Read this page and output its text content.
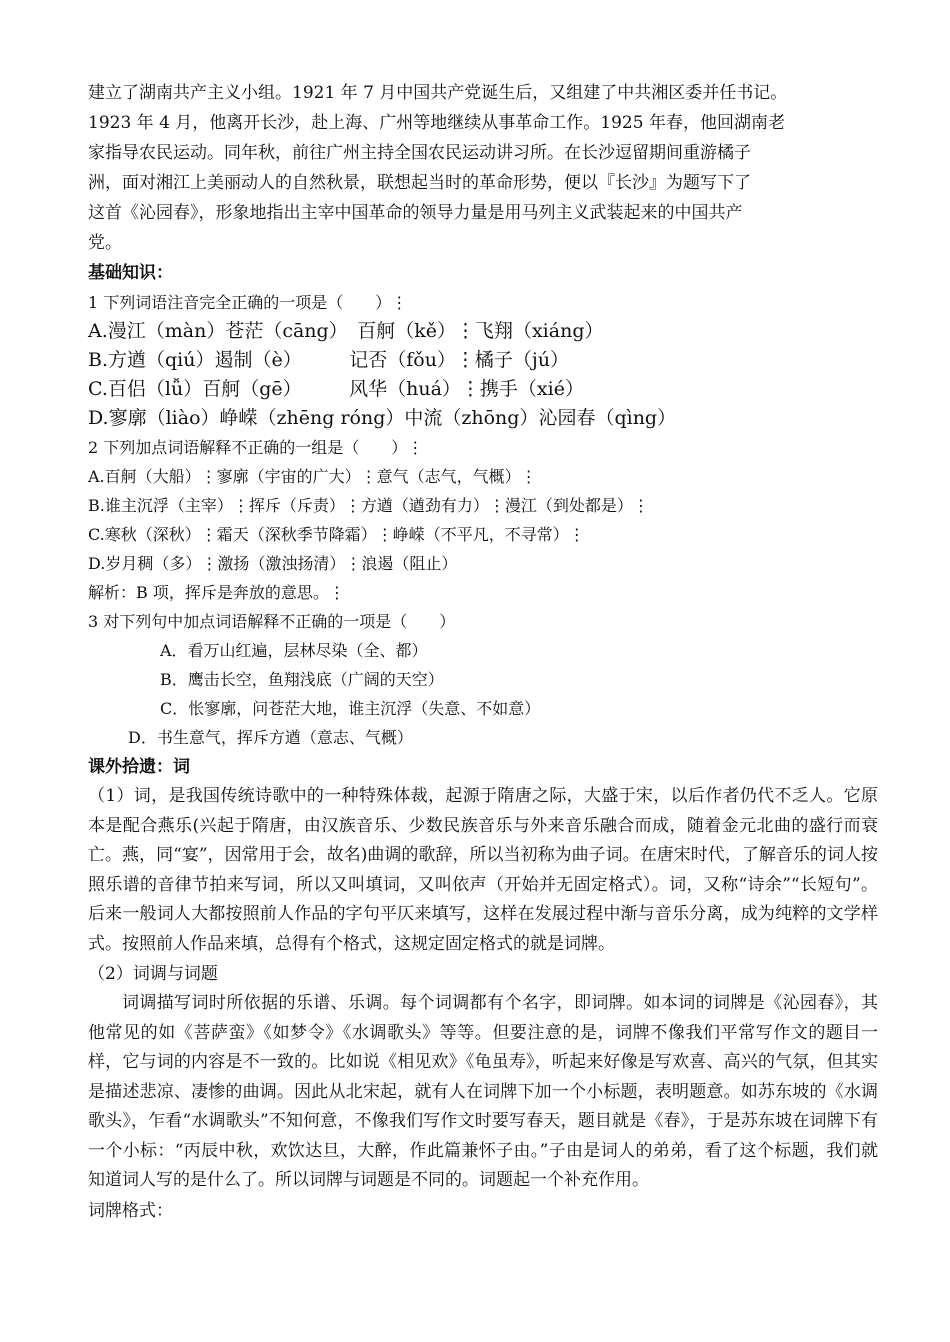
建立了湖南共产主义小组。1921 年 7 月中国共产党诞生后，又组建了中共湘区委并任书记。

1923 年 4 月，他离开长沙，赴上海、广州等地继续从事革命工作。1925 年春，他回湖南老

家指导农民运动。同年秋，前往广州主持全国农民运动讲习所。在长沙逗留期间重游橘子

洲，面对湘江上美丽动人的自然秋景，联想起当时的革命形势，便以『长沙』为题写下了

这首《沁园春》，形象地指出主宰中国革命的领导力量是用马列主义武装起来的中国共产

党。

基础知识：

1 下列词语注音完全正确的一项是（　　）⋮

A.漫江（màn）苍茫（cāng）　百舸（kě）⋮飞翔（xiáng）

B.方遒（qiú）遏制（è）　　　记否（fǒu）⋮橘子（jú）

C.百侣（lǚ）百舸（gē）　　　风华（huá）⋮携手（xié）

D.寥廓（liào）峥嵘（zhēng róng）中流（zhōng）沁园春（qìng）

2 下列加点词语解释不正确的一组是（　　）⋮

A.百舸（大船）⋮寥廓（宇宙的广大）⋮意气（志气，气概）⋮

B.谁主沉浮（主宰）⋮挥斥（斥责）⋮方遒（遒劲有力）⋮漫江（到处都是）⋮

C.寒秋（深秋）⋮霜天（深秋季节降霜）⋮峥嵘（不平凡，不寻常）⋮

D.岁月稠（多）⋮激扬（激浊扬清）⋮浪遏（阻止）

解析：B 项，挥斥是奔放的意思。⋮

3 对下列句中加点词语解释不正确的一项是（　　）

A．看万山红遍，层林尽染（全、都）

B．鹰击长空，鱼翔浅底（广阔的天空）

C．怅寥廓，问苍茫大地，谁主沉浮（失意、不如意）

D．书生意气，挥斥方遒（意志、气概）

课外拾遗：词

（1）词，是我国传统诗歌中的一种特殊体裁，起源于隋唐之际，大盛于宋，以后作者仍代不乏人。它原本是配合燕乐(兴起于隋唐，由汉族音乐、少数民族音乐与外来音乐融合而成，随着金元北曲的盛行而衰亡。燕，同“宴”，因常用于会，故名)曲调的歌辞，所以当初称为曲子词。在唐宋时代，了解音乐的词人按照乐谱的音律节拍来写词，所以又叫填词，又叫依声（开始并无固定格式）。词，又称“诗余”“长短句”。后来一般词人大都按照前人作品的字句平仄来填写，这样在发展过程中渐与音乐分离，成为纯粹的文学样式。按照前人作品来填，总得有个格式，这规定固定格式的就是词牌。

（2）词调与词题

词调描写词时所依据的乐谱、乐调。每个词调都有个名字，即词牌。如本词的词牌是《沁园春》，其他常见的如《菩萨蛮》《如梦令》《水调歌头》等等。但要注意的是，词牌不像我们平常写作文的题目一样，它与词的内容是不一致的。比如说《相见欢》《龟虽寿》，听起来好像是写欢喜、高兴的气氛，但其实是描述悲凉、凄惨的曲调。因此从北宋起，就有人在词牌下加一个小标题，表明题意。如苏东坡的《水调歌头》，乍看“水调歌头”不知何意，不像我们写作文时要写春天，题目就是《春》，于是苏东坡在词牌下有一个小标：“丙辰中秋，欢饮达旦，大醉，作此篇兼怀子由。”子由是词人的弟弟，看了这个标题，我们就知道词人写的是什么了。所以词牌与词题是不同的。词题起一个补充作用。

词牌格式：
